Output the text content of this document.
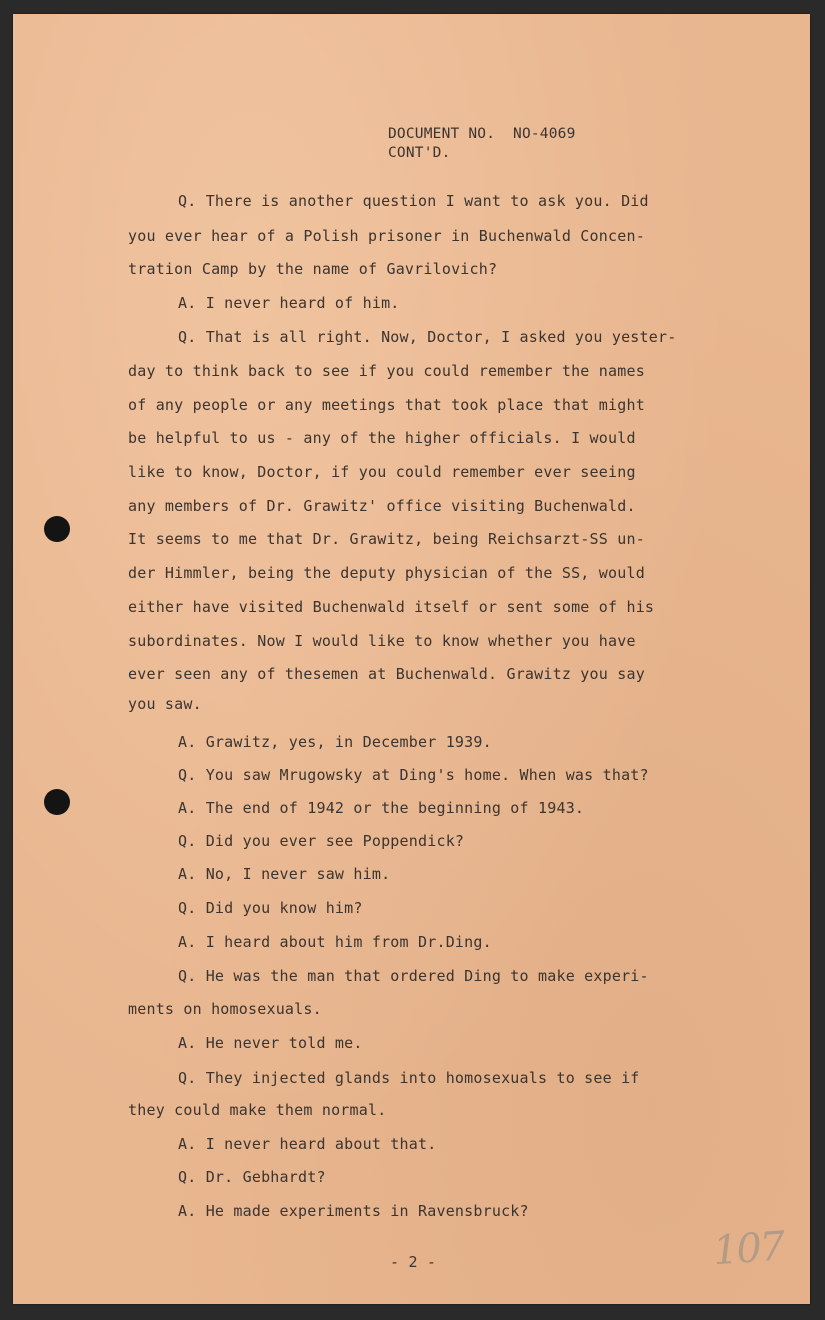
DOCUMENT NO.  NO-4069
CONT'D.
Q. There is another question I want to ask you. Did
you ever hear of a Polish prisoner in Buchenwald Concen-
tration Camp by the name of Gavrilovich?
A. I never heard of him.
Q. That is all right. Now, Doctor, I asked you yester-
day to think back to see if you could remember the names
of any people or any meetings that took place that might
be helpful to us - any of the higher officials. I would
like to know, Doctor, if you could remember ever seeing
any members of Dr. Grawitz' office visiting Buchenwald.
It seems to me that Dr. Grawitz, being Reichsarzt-SS un-
der Himmler, being the deputy physician of the SS, would
either have visited Buchenwald itself or sent some of his
subordinates. Now I would like to know whether you have
ever seen any of thesemen at Buchenwald. Grawitz you say
you saw.
A. Grawitz, yes, in December 1939.
Q. You saw Mrugowsky at Ding's home. When was that?
A. The end of 1942 or the beginning of 1943.
Q. Did you ever see Poppendick?
A. No, I never saw him.
Q. Did you know him?
A. I heard about him from Dr.Ding.
Q. He was the man that ordered Ding to make experi-
ments on homosexuals.
A. He never told me.
Q. They injected glands into homosexuals to see if
they could make them normal.
A. I never heard about that.
Q. Dr. Gebhardt?
A. He made experiments in Ravensbruck?
- 2 -	107
